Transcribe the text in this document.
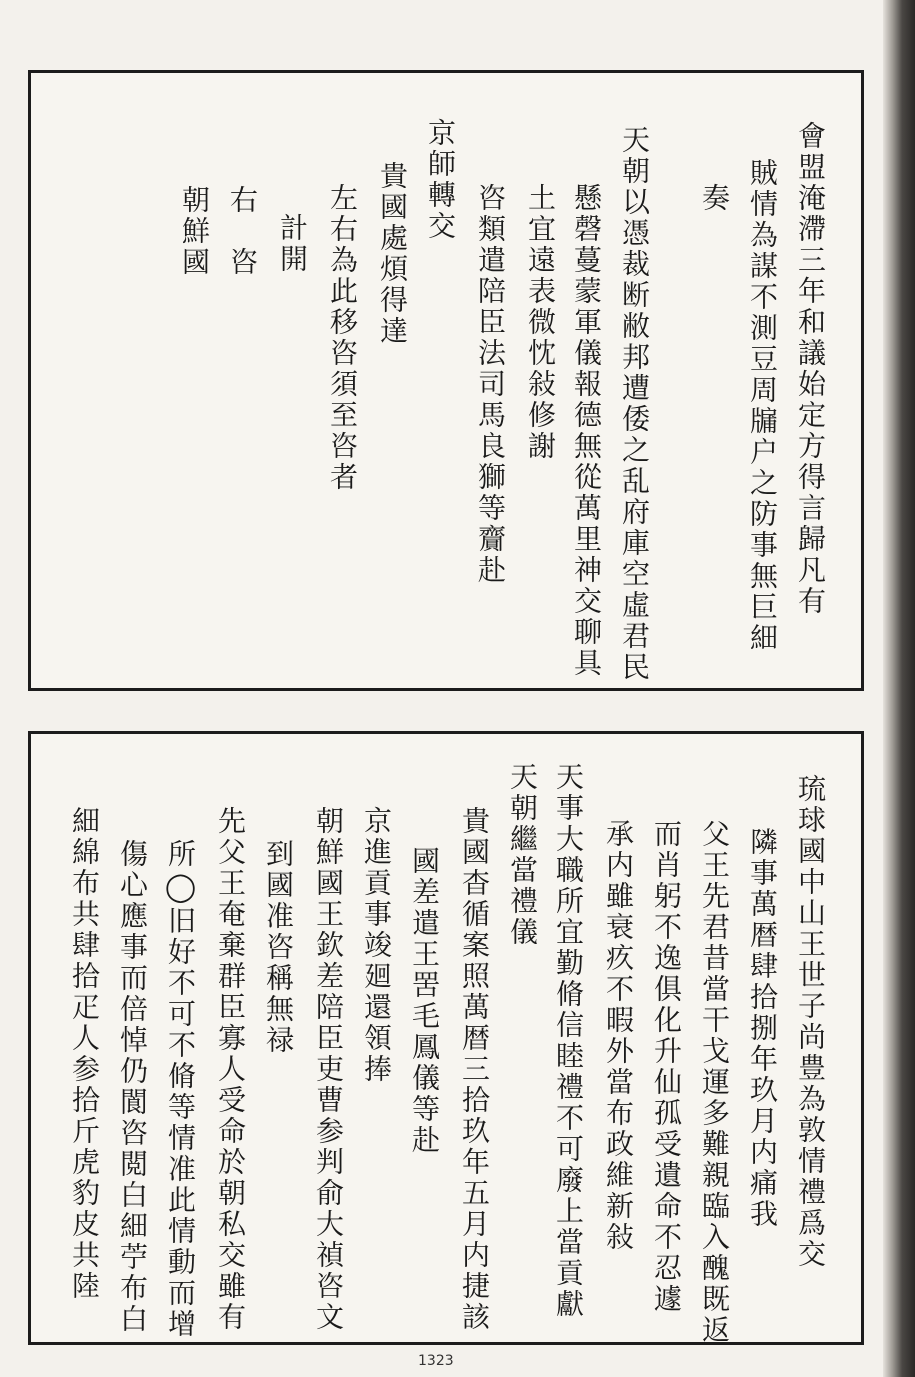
會盟淹滯三年和議始定方得言歸凡有
賊情為謀不測豆周牖户之防事無巨細
奏
天朝以憑裁断敝邦遭倭之乱府庫空虛君民
懸磬蔓蒙軍儀報德無從萬里神交聊具
土宜遠表微忱敍修謝
咨類遣陪臣法司馬良獅等齎赴
京師轉交
貴國處煩得達
左右為此移咨須至咨者
計開
右　咨
朝鮮國
琉球國中山王世子尚豊為敦情禮爲交
隣事萬暦肆拾捌年玖月内痛我
父王先君昔當干戈運多難親臨入醜既返
而肖躬不逸俱化升仙孤受遺命不忍遽
承内雖衰疚不暇外當布政維新敍
天事大職所宜勤脩信睦禮不可廢上當貢獻
天朝繼當禮儀
貴國杳循案照萬暦三拾玖年五月内捷該
國差遣王罟毛鳳儀等赴
京進貢事竣廻還領捧
朝鮮國王欽差陪臣吏曹参判俞大禎咨文
到國准咨稱無禄
先父王奄棄群臣寡人受命於朝私交雖有
所◯旧好不可不脩等情准此情動而增
傷心應事而倍悼仍閬咨閲白細苧布白
細綿布共肆拾疋人参拾斤虎豹皮共陸
1323
